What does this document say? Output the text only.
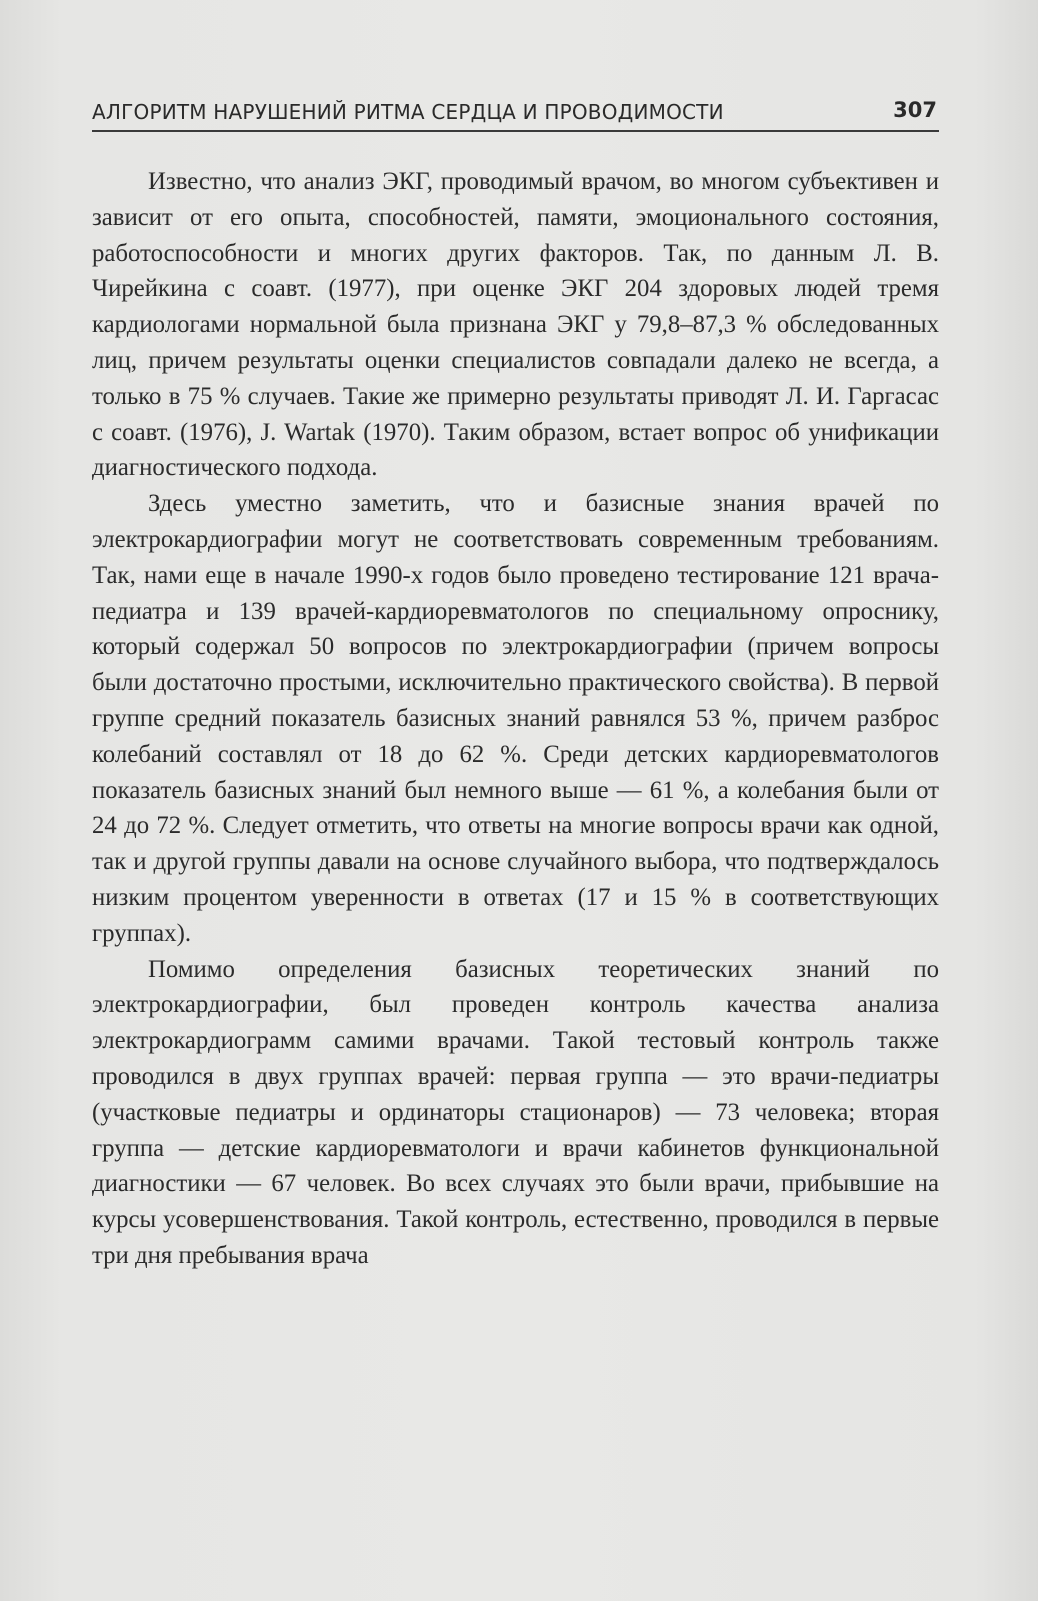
АЛГОРИТМ НАРУШЕНИЙ РИТМА СЕРДЦА И ПРОВОДИМОСТИ	307

Известно, что анализ ЭКГ, проводимый врачом, во многом субъективен и зависит от его опыта, способностей, памяти, эмоционального состояния, работоспособности и многих других факторов. Так, по данным Л. В. Чирейкина с соавт. (1977), при оценке ЭКГ 204 здоровых людей тремя кардиологами нормальной была признана ЭКГ у 79,8–87,3 % обследованных лиц, причем результаты оценки специалистов совпадали далеко не всегда, а только в 75 % случаев. Такие же примерно результаты приводят Л. И. Гаргасас с соавт. (1976), J. Wartak (1970). Таким образом, встает вопрос об унификации диагностического подхода.

Здесь уместно заметить, что и базисные знания врачей по электрокардиографии могут не соответствовать современным требованиям. Так, нами еще в начале 1990-х годов было проведено тестирование 121 врача-педиатра и 139 врачей-кардиоревматологов по специальному опроснику, который содержал 50 вопросов по электрокардиографии (причем вопросы были достаточно простыми, исключительно практического свойства). В первой группе средний показатель базисных знаний равнялся 53 %, причем разброс колебаний составлял от 18 до 62 %. Среди детских кардиоревматологов показатель базисных знаний был немного выше — 61 %, а колебания были от 24 до 72 %. Следует отметить, что ответы на многие вопросы врачи как одной, так и другой группы давали на основе случайного выбора, что подтверждалось низким процентом уверенности в ответах (17 и 15 % в соответствующих группах).

Помимо определения базисных теоретических знаний по электрокардиографии, был проведен контроль качества анализа электрокардиограмм самими врачами. Такой тестовый контроль также проводился в двух группах врачей: первая группа — это врачи-педиатры (участковые педиатры и ординаторы стационаров) — 73 человека; вторая группа — детские кардиоревматологи и врачи кабинетов функциональной диагностики — 67 человек. Во всех случаях это были врачи, прибывшие на курсы усовершенствования. Такой контроль, естественно, проводился в первые три дня пребывания врача
